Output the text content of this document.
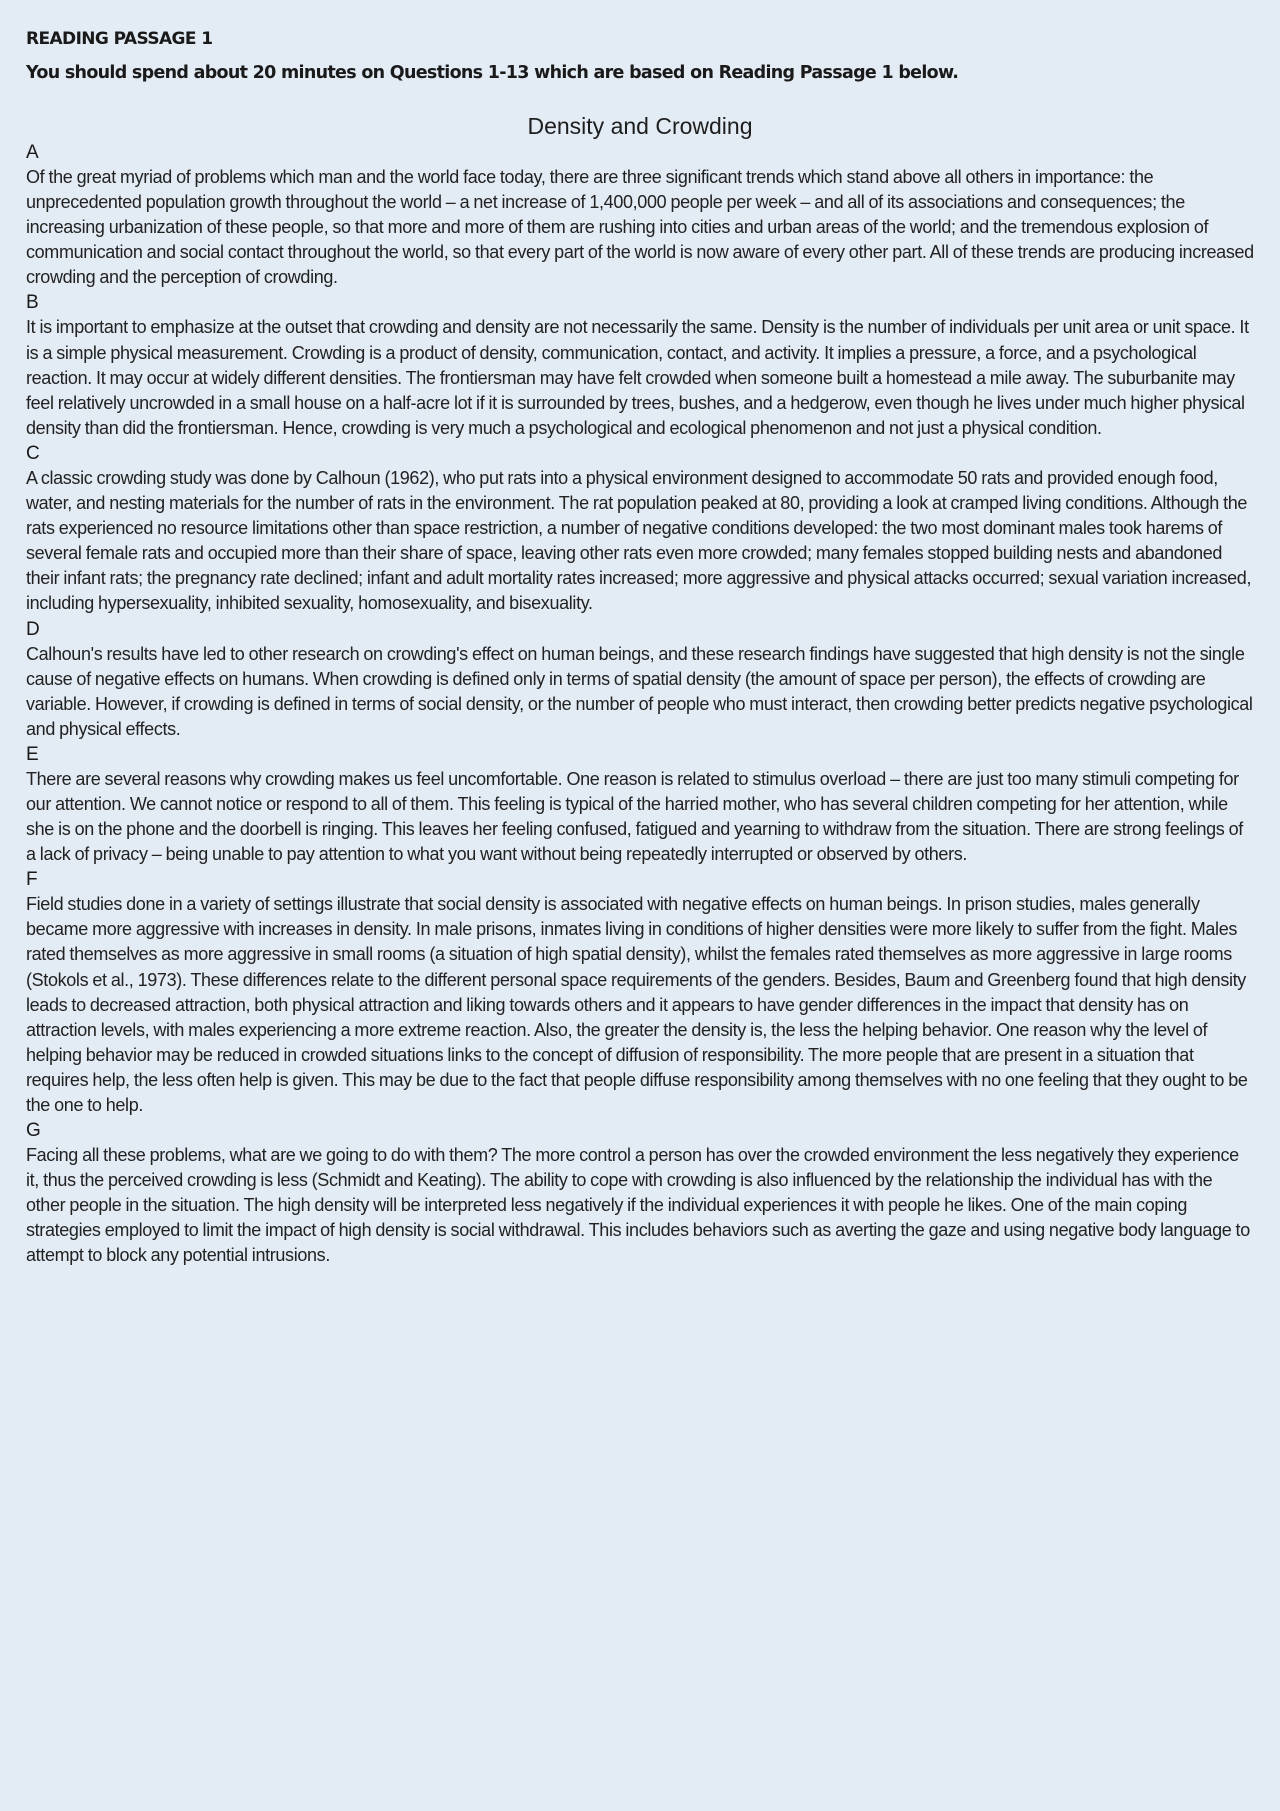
READING PASSAGE 1
You should spend about 20 minutes on Questions 1-13 which are based on Reading Passage 1 below.
Density and Crowding
A

Of the great myriad of problems which man and the world face today, there are three significant trends which stand above all others in importance: the unprecedented population growth throughout the world – a net increase of 1,400,000 people per week – and all of its associations and consequences; the increasing urbanization of these people, so that more and more of them are rushing into cities and urban areas of the world; and the tremendous explosion of communication and social contact throughout the world, so that every part of the world is now aware of every other part. All of these trends are producing increased crowding and the perception of crowding.

B

It is important to emphasize at the outset that crowding and density are not necessarily the same. Density is the number of individuals per unit area or unit space. It is a simple physical measurement. Crowding is a product of density, communication, contact, and activity. It implies a pressure, a force, and a psychological reaction. It may occur at widely different densities. The frontiersman may have felt crowded when someone built a homestead a mile away. The suburbanite may feel relatively uncrowded in a small house on a half-acre lot if it is surrounded by trees, bushes, and a hedgerow, even though he lives under much higher physical density than did the frontiersman. Hence, crowding is very much a psychological and ecological phenomenon and not just a physical condition.

C

A classic crowding study was done by Calhoun (1962), who put rats into a physical environment designed to accommodate 50 rats and provided enough food, water, and nesting materials for the number of rats in the environment. The rat population peaked at 80, providing a look at cramped living conditions. Although the rats experienced no resource limitations other than space restriction, a number of negative conditions developed: the two most dominant males took harems of several female rats and occupied more than their share of space, leaving other rats even more crowded; many females stopped building nests and abandoned their infant rats; the pregnancy rate declined; infant and adult mortality rates increased; more aggressive and physical attacks occurred; sexual variation increased, including hypersexuality, inhibited sexuality, homosexuality, and bisexuality.

D

Calhoun's results have led to other research on crowding's effect on human beings, and these research findings have suggested that high density is not the single cause of negative effects on humans. When crowding is defined only in terms of spatial density (the amount of space per person), the effects of crowding are variable. However, if crowding is defined in terms of social density, or the number of people who must interact, then crowding better predicts negative psychological and physical effects.

E

There are several reasons why crowding makes us feel uncomfortable. One reason is related to stimulus overload – there are just too many stimuli competing for our attention. We cannot notice or respond to all of them. This feeling is typical of the harried mother, who has several children competing for her attention, while she is on the phone and the doorbell is ringing. This leaves her feeling confused, fatigued and yearning to withdraw from the situation. There are strong feelings of a lack of privacy – being unable to pay attention to what you want without being repeatedly interrupted or observed by others.

F

Field studies done in a variety of settings illustrate that social density is associated with negative effects on human beings. In prison studies, males generally became more aggressive with increases in density. In male prisons, inmates living in conditions of higher densities were more likely to suffer from the fight. Males rated themselves as more aggressive in small rooms (a situation of high spatial density), whilst the females rated themselves as more aggressive in large rooms (Stokols et al., 1973). These differences relate to the different personal space requirements of the genders. Besides, Baum and Greenberg found that high density leads to decreased attraction, both physical attraction and liking towards others and it appears to have gender differences in the impact that density has on attraction levels, with males experiencing a more extreme reaction. Also, the greater the density is, the less the helping behavior. One reason why the level of helping behavior may be reduced in crowded situations links to the concept of diffusion of responsibility. The more people that are present in a situation that requires help, the less often help is given. This may be due to the fact that people diffuse responsibility among themselves with no one feeling that they ought to be the one to help.

G

Facing all these problems, what are we going to do with them? The more control a person has over the crowded environment the less negatively they experience it, thus the perceived crowding is less (Schmidt and Keating). The ability to cope with crowding is also influenced by the relationship the individual has with the other people in the situation. The high density will be interpreted less negatively if the individual experiences it with people he likes. One of the main coping strategies employed to limit the impact of high density is social withdrawal. This includes behaviors such as averting the gaze and using negative body language to attempt to block any potential intrusions.
